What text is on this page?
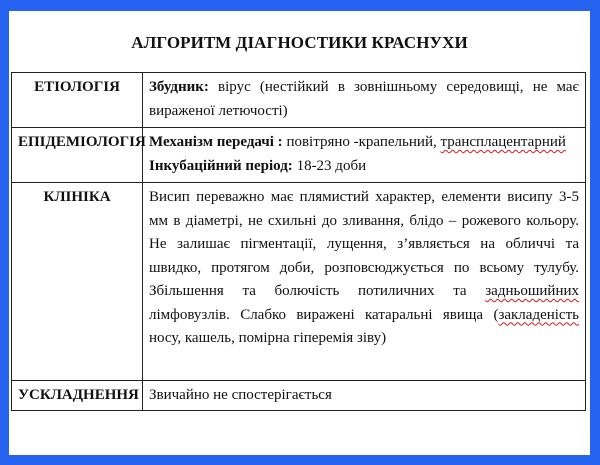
АЛГОРИТМ ДІАГНОСТИКИ КРАСНУХИ
ЕТІОЛОГІЯ	Збудник: вірус (нестійкий в зовнішньому середовищі, не має вираженої летючості)
ЕПІДЕМІОЛОГІЯ	Механізм передачі : повітряно -крапельний, трансплацентарний
Інкубаційний період: 18-23 доби
КЛІНІКА	Висип переважно має плямистий характер, елементи висипу 3-5 мм в діаметрі, не схильні до зливання, блідо – рожевого кольору. Не залишає пігментації, лущення, з’являється на обличчі та швидко, протягом доби, розповсюджується по всьому тулубу. Збільшення та болючість потиличних та задньошийних лімфовузлів. Слабко виражені катаральні явища (закладеність носу, кашель, помірна гіперемія зіву)
УСКЛАДНЕННЯ	Звичайно не спостерігається
